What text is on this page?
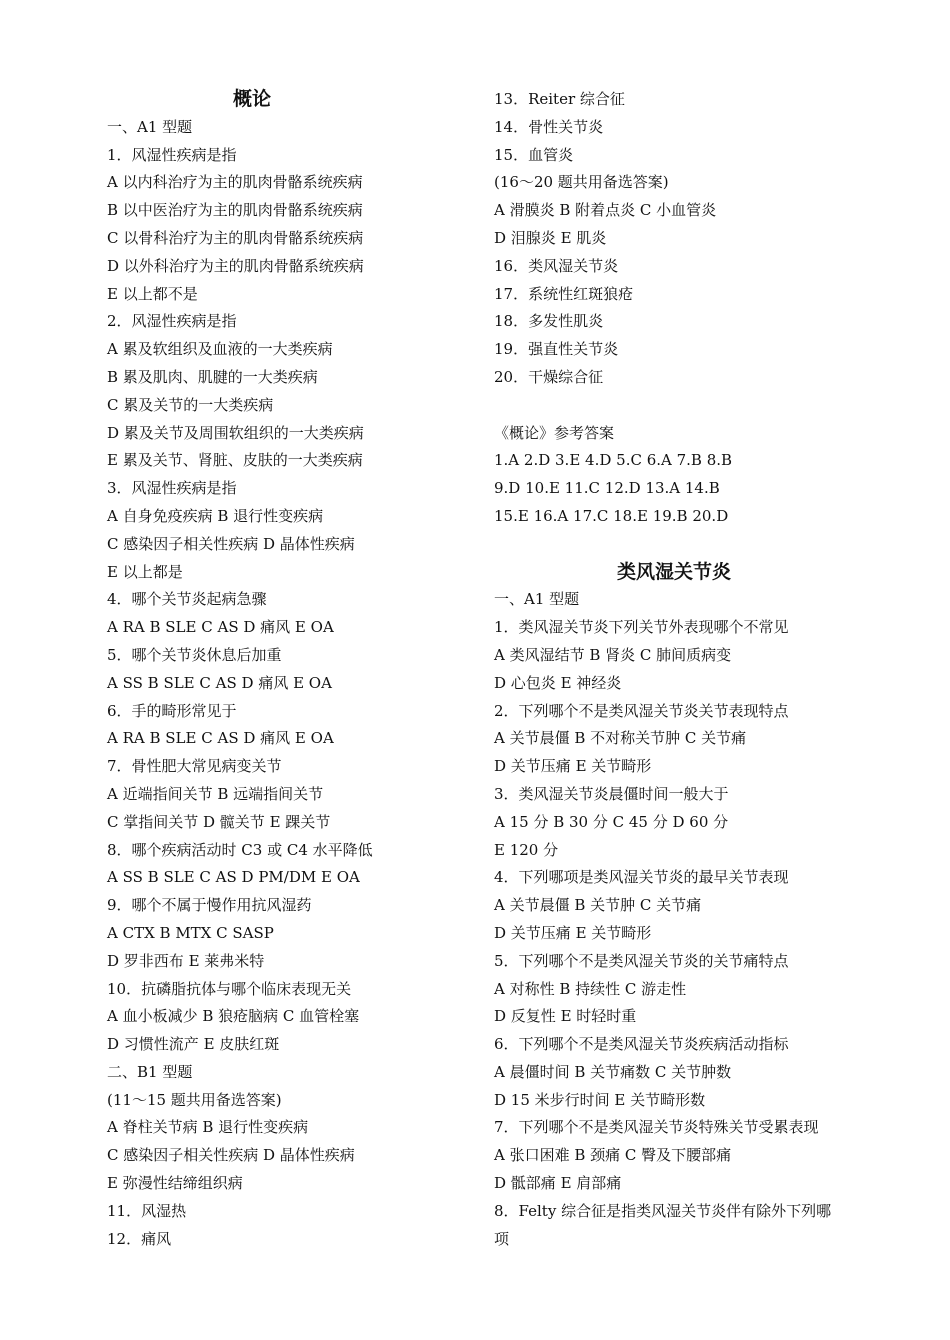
概论
一、A1 型题
1．风湿性疾病是指
A 以内科治疗为主的肌肉骨骼系统疾病
B 以中医治疗为主的肌肉骨骼系统疾病
C 以骨科治疗为主的肌肉骨骼系统疾病
D 以外科治疗为主的肌肉骨骼系统疾病
E 以上都不是
2．风湿性疾病是指
A 累及软组织及血液的一大类疾病
B 累及肌肉、肌腱的一大类疾病
C 累及关节的一大类疾病
D 累及关节及周围软组织的一大类疾病
E 累及关节、肾脏、皮肤的一大类疾病
3．风湿性疾病是指
A 自身免疫疾病 B 退行性变疾病
C 感染因子相关性疾病 D 晶体性疾病
E 以上都是
4．哪个关节炎起病急骤
A RA B SLE C AS D 痛风 E OA
5．哪个关节炎休息后加重
A SS B SLE C AS D 痛风 E OA
6．手的畸形常见于
A RA B SLE C AS D 痛风 E OA
7．骨性肥大常见病变关节
A 近端指间关节 B 远端指间关节
C 掌指间关节 D 髋关节 E 踝关节
8．哪个疾病活动时 C3 或 C4 水平降低
A SS B SLE C AS D PM/DM E OA
9．哪个不属于慢作用抗风湿药
A CTX B MTX C SASP
D 罗非西布 E 莱弗米特
10．抗磷脂抗体与哪个临床表现无关
A 血小板减少 B 狼疮脑病 C 血管栓塞
D 习惯性流产 E 皮肤红斑
二、B1 型题
(11～15 题共用备选答案)
A 脊柱关节病 B 退行性变疾病
C 感染因子相关性疾病 D 晶体性疾病
E 弥漫性结缔组织病
11．风湿热
12．痛风
13．Reiter 综合征
14．骨性关节炎
15．血管炎
(16～20 题共用备选答案)
A 滑膜炎 B 附着点炎 C 小血管炎
D 泪腺炎 E 肌炎
16．类风湿关节炎
17．系统性红斑狼疮
18．多发性肌炎
19．强直性关节炎
20．干燥综合征
《概论》参考答案
1.A 2.D 3.E 4.D 5.C 6.A 7.B 8.B
9.D 10.E 11.C 12.D 13.A 14.B
15.E 16.A 17.C 18.E 19.B 20.D
类风湿关节炎
一、A1 型题
1．类风湿关节炎下列关节外表现哪个不常见
A 类风湿结节 B 肾炎 C 肺间质病变
D 心包炎 E 神经炎
2．下列哪个不是类风湿关节炎关节表现特点
A 关节晨僵 B 不对称关节肿 C 关节痛
D 关节压痛 E 关节畸形
3．类风湿关节炎晨僵时间一般大于
A 15 分 B 30 分 C 45 分 D 60 分
E 120 分
4．下列哪项是类风湿关节炎的最早关节表现
A 关节晨僵 B 关节肿 C 关节痛
D 关节压痛 E 关节畸形
5．下列哪个不是类风湿关节炎的关节痛特点
A 对称性 B 持续性 C 游走性
D 反复性 E 时轻时重
6．下列哪个不是类风湿关节炎疾病活动指标
A 晨僵时间 B 关节痛数 C 关节肿数
D 15 米步行时间 E 关节畸形数
7．下列哪个不是类风湿关节炎特殊关节受累表现
A 张口困难 B 颈痛 C 臀及下腰部痛
D 骶部痛 E 肩部痛
8．Felty 综合征是指类风湿关节炎伴有除外下列哪
项
